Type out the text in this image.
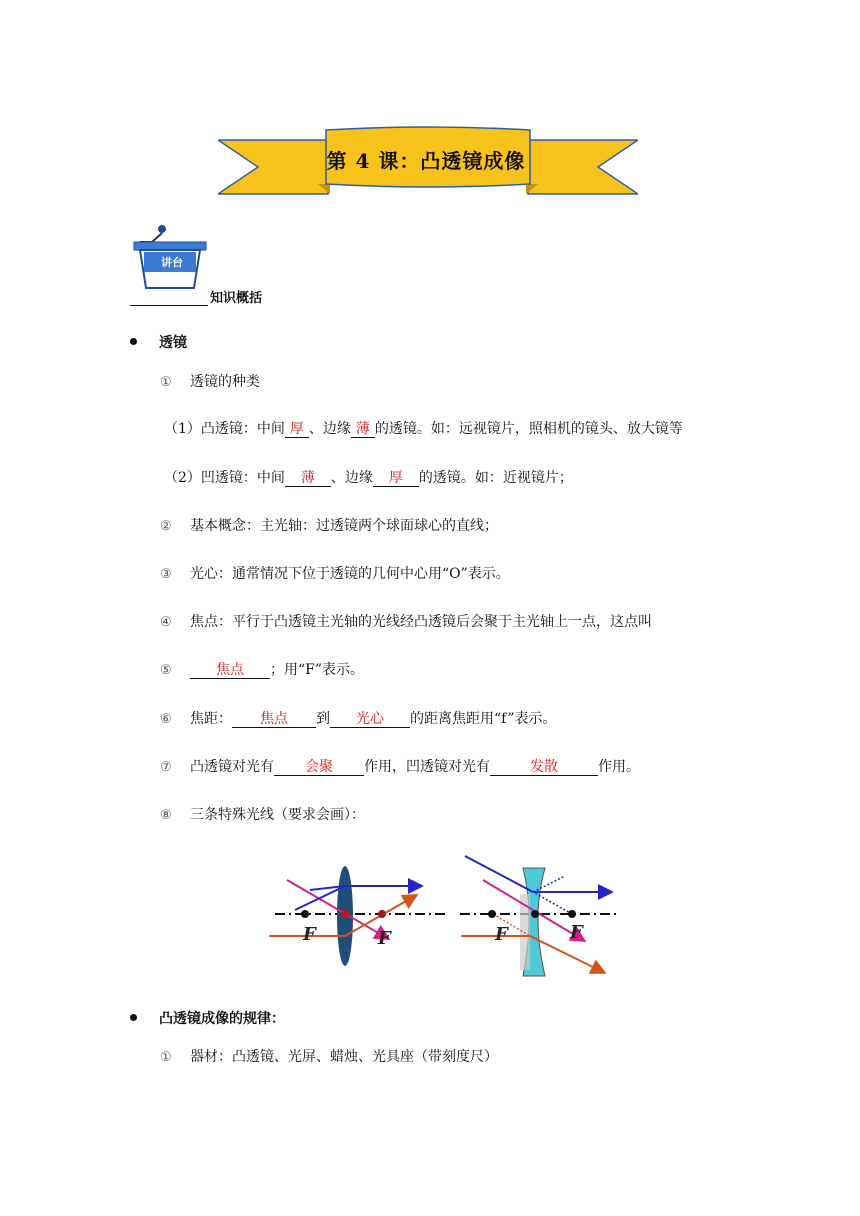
第 4 课：凸透镜成像
讲台
知识概括
透镜
① 透镜的种类
（1）凸透镜：中间 厚 、边缘 薄 的透镜。如：远视镜片，照相机的镜头、放大镜等
（2）凹透镜：中间 薄 、边缘 厚 的透镜。如：近视镜片；
② 基本概念：主光轴：过透镜两个球面球心的直线；
③ 光心：通常情况下位于透镜的几何中心用“O”表示。
④ 焦点：平行于凸透镜主光轴的光线经凸透镜后会聚于主光轴上一点，这点叫
⑤	焦点 ；用“F”表示。
⑥ 焦距： 焦点 到 光心 的距离焦距用“f”表示。
⑦ 凸透镜对光有 会聚 作用，凹透镜对光有	发散	作用。
⑧ 三条特殊光线（要求会画）：
F	F	F	F
凸透镜成像的规律：
① 器材：凸透镜、光屏、蜡烛、光具座（带刻度尺）
